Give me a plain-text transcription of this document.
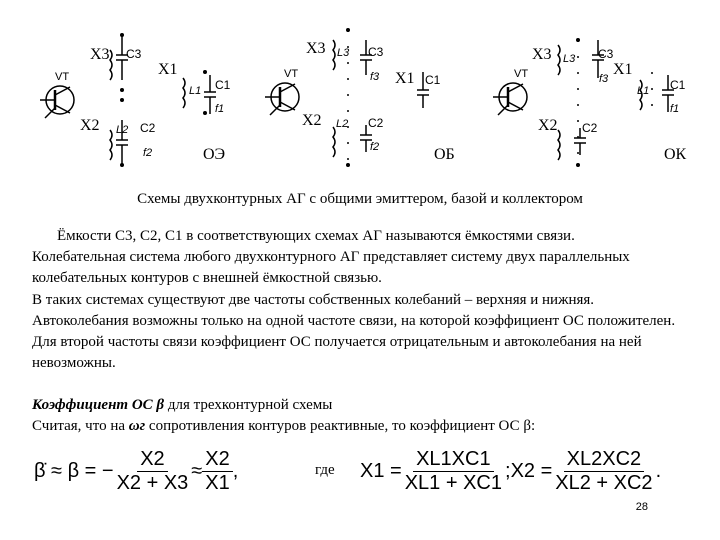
X3 C3
VT	X1
L1 C1
f1
X2 L2 C2
f2	ОЭ
X3 L3 C3
f3
VT	X1 C1
X2 L2 C2
f2	ОБ
X3 L3 C3
f3
VT	X1
L1 C1
f1
X2 C2
ОК
Схемы двухконтурных АГ с общими эмиттером, базой и коллектором

Ёмкости С3, С2, С1 в соответствующих схемах АГ называются ёмкостями связи.

Колебательная система любого двухконтурного АГ представляет систему двух параллельных колебательных контуров с внешней ёмкостной связью.

В таких системах существуют две частоты собственных колебаний – верхняя и нижняя. Автоколебания возможны только на одной частоте связи, на которой коэффициент ОС положителен. Для второй частоты связи коэффициент ОС получается отрицательным и автоколебания на ней невозможны.

Коэффициент ОС β для трехконтурной схемы
Считая, что на ωг сопротивления контуров реактивные, то коэффициент ОС β:
β̇ ≈ β = − $\frac{X2}{X2 + X3} \approx \frac{X2}{X1}$ ,	где $X1 = \frac{XL1XC1}{XL1 + XC1}$ ; $X2 = \frac{XL2XC2}{XL2 + XC2}$ .
28
